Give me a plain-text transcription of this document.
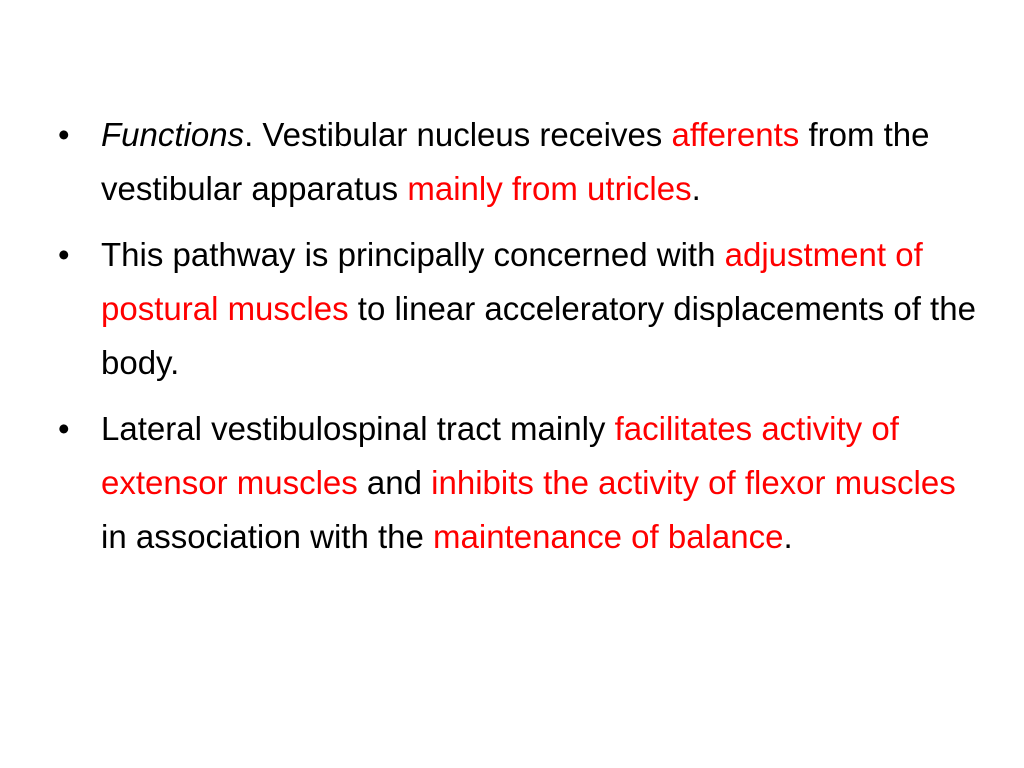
• Functions. Vestibular nucleus receives afferents from the vestibular apparatus mainly from utricles.
• This pathway is principally concerned with adjustment of postural muscles to linear acceleratory displacements of the body.
• Lateral vestibulospinal tract mainly facilitates activity of extensor muscles and inhibits the activity of flexor muscles in association with the maintenance of balance.
